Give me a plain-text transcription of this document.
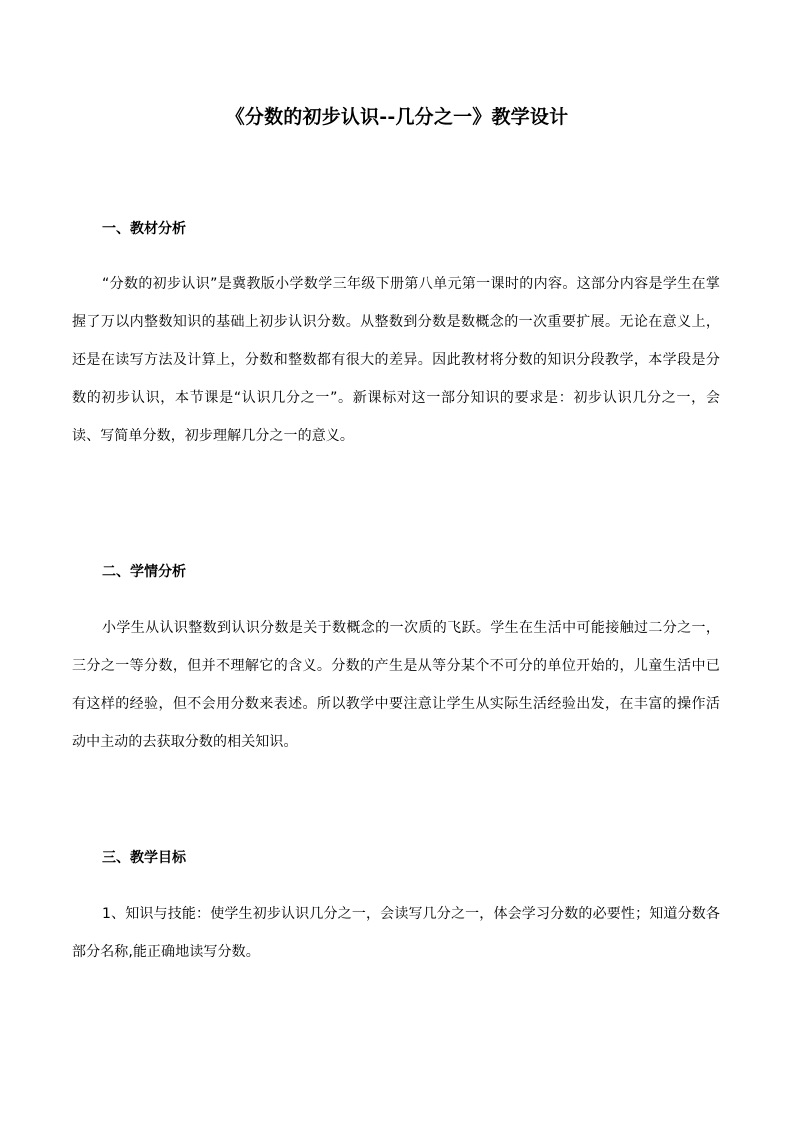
《分数的初步认识--几分之一》教学设计
一、教材分析
“分数的初步认识”是冀教版小学数学三年级下册第八单元第一课时的内容。这部分内容是学生在掌握了万以内整数知识的基础上初步认识分数。从整数到分数是数概念的一次重要扩展。无论在意义上，还是在读写方法及计算上，分数和整数都有很大的差异。因此教材将分数的知识分段教学，本学段是分数的初步认识，本节课是“认识几分之一”。新课标对这一部分知识的要求是：初步认识几分之一，会读、写简单分数，初步理解几分之一的意义。
二、学情分析
小学生从认识整数到认识分数是关于数概念的一次质的飞跃。学生在生活中可能接触过二分之一，三分之一等分数，但并不理解它的含义。分数的产生是从等分某个不可分的单位开始的，儿童生活中已有这样的经验，但不会用分数来表述。所以教学中要注意让学生从实际生活经验出发，在丰富的操作活动中主动的去获取分数的相关知识。
三、教学目标
1、知识与技能：使学生初步认识几分之一，会读写几分之一，体会学习分数的必要性；知道分数各部分名称,能正确地读写分数。
